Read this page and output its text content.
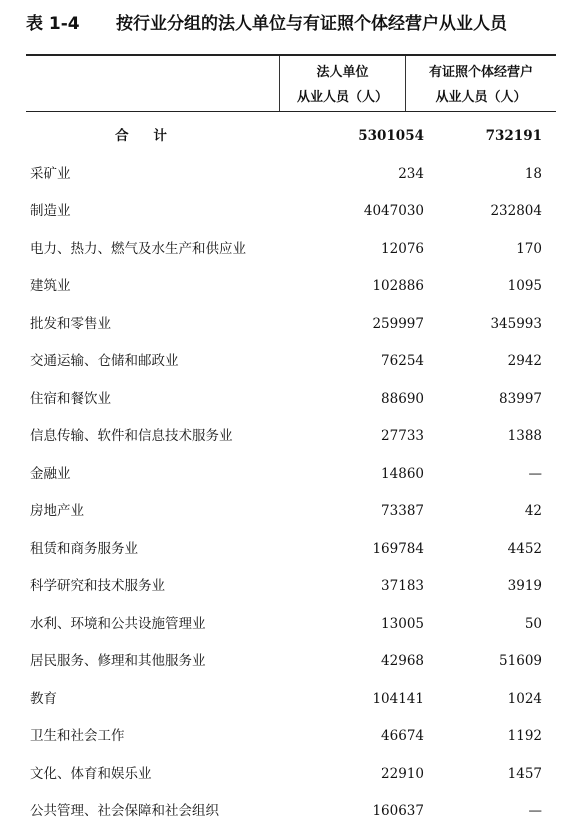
表 1-4 按行业分组的法人单位与有证照个体经营户从业人员
法人单位
从业人员（人）
有证照个体经营户
从业人员（人）
合 计	5301054	732191
采矿业	234	18
制造业	4047030	232804
电力、热力、燃气及水生产和供应业	12076	170
建筑业	102886	1095
批发和零售业	259997	345993
交通运输、仓储和邮政业	76254	2942
住宿和餐饮业	88690	83997
信息传输、软件和信息技术服务业	27733	1388
金融业	14860	—
房地产业	73387	42
租赁和商务服务业	169784	4452
科学研究和技术服务业	37183	3919
水利、环境和公共设施管理业	13005	50
居民服务、修理和其他服务业	42968	51609
教育	104141	1024
卫生和社会工作	46674	1192
文化、体育和娱乐业	22910	1457
公共管理、社会保障和社会组织	160637	—
